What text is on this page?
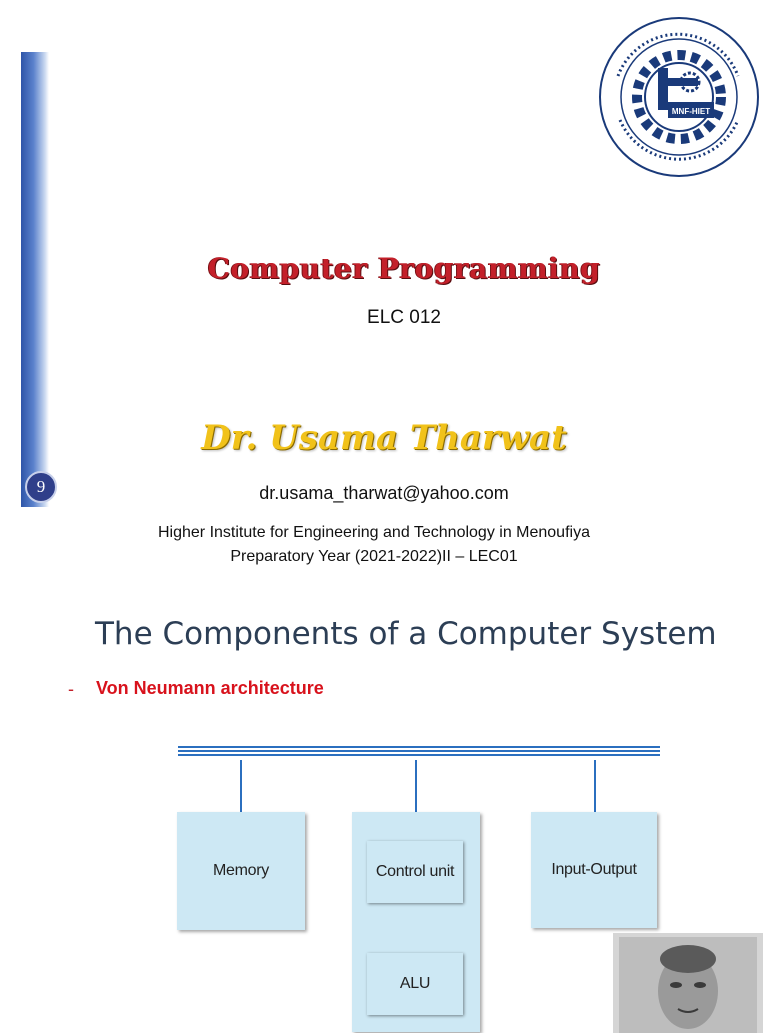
9
MNF-HIET
Computer Programming
ELC 012
Dr. Usama Tharwat
dr.usama_tharwat@yahoo.com
Higher Institute for Engineering and Technology in Menoufiya
Preparatory Year (2021-2022)II – LEC01
The Components of a Computer System
- Von Neumann architecture
Memory	Control unit
ALU
Input-Output
